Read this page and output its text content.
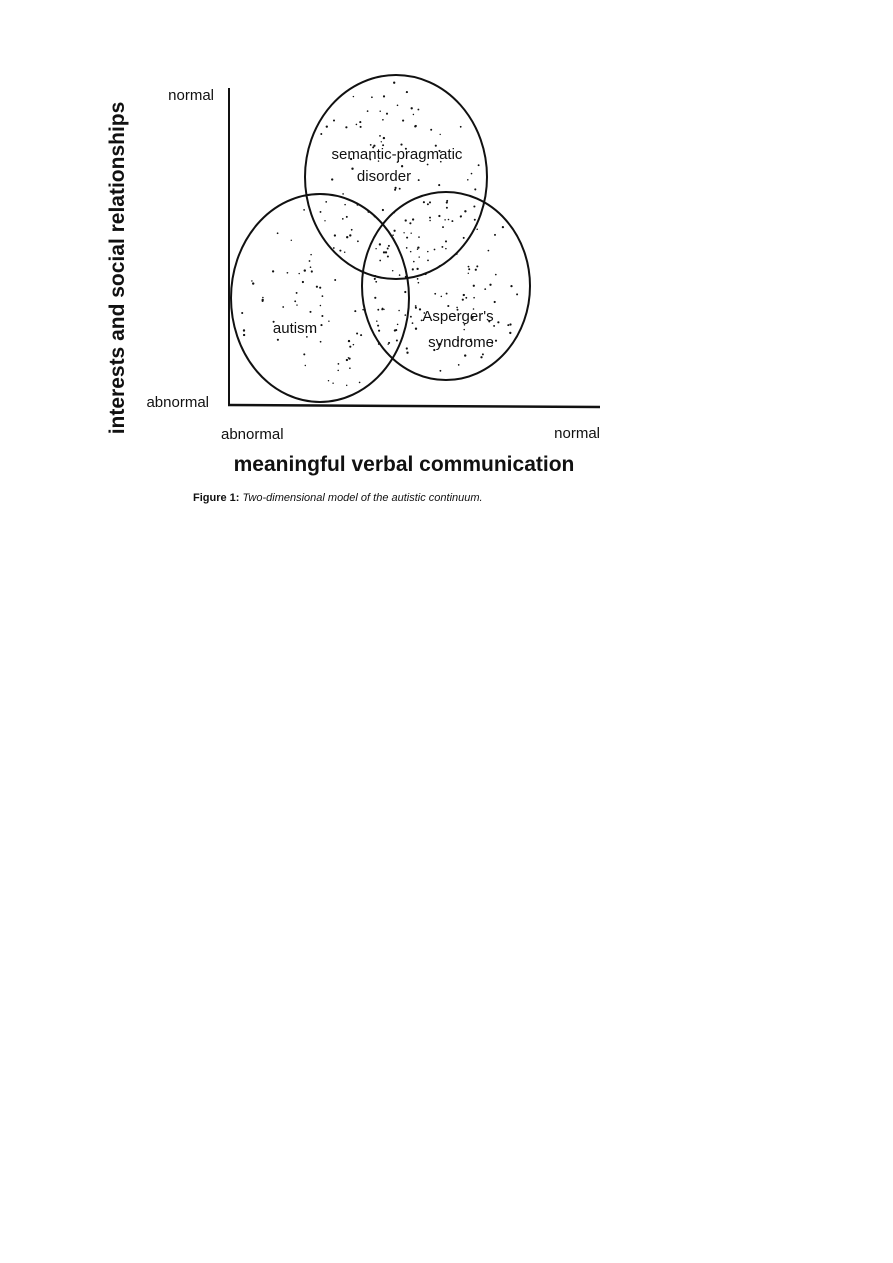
interests and social relationships
normal
abnormal
abnormal	normal
meaningful verbal communication
semantic-pragmatic
disorder
autism
Asperger's
syndrome
Figure 1: Two-dimensional model of the autistic continuum.
